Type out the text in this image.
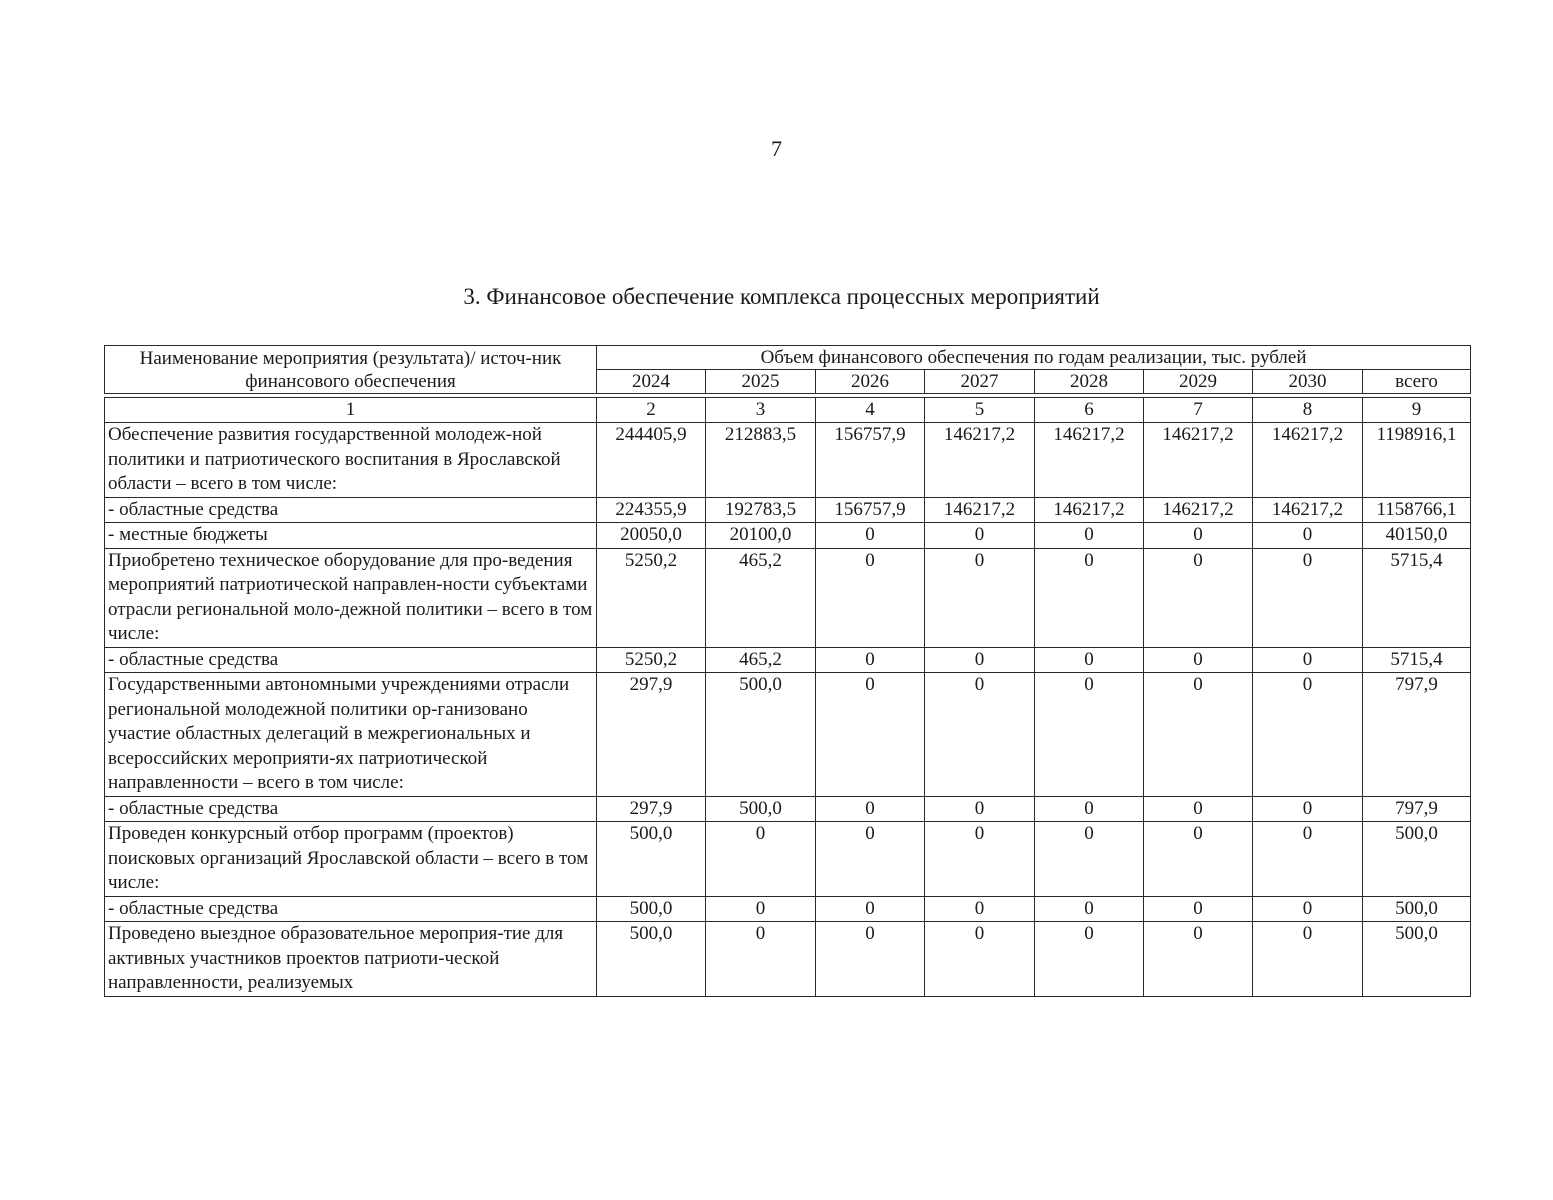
7
3. Финансовое обеспечение комплекса процессных мероприятий
Наименование мероприятия (результата)/ источ-ник финансового обеспечения	Объем финансового обеспечения по годам реализации, тыс. рублей							
	2024	2025	2026	2027	2028	2029	2030	всего

1	2	3	4	5	6	7	8	9
Обеспечение развития государственной молодеж-ной политики и патриотического воспитания в Ярославской области – всего в том числе:	244405,9	212883,5	156757,9	146217,2	146217,2	146217,2	146217,2	1198916,1
- областные средства	224355,9	192783,5	156757,9	146217,2	146217,2	146217,2	146217,2	1158766,1
- местные бюджеты	20050,0	20100,0	0	0	0	0	0	40150,0
Приобретено техническое оборудование для про-ведения мероприятий патриотической направлен-ности субъектами отрасли региональной моло-дежной политики – всего в том числе:	5250,2	465,2	0	0	0	0	0	5715,4
- областные средства	5250,2	465,2	0	0	0	0	0	5715,4
Государственными автономными учреждениями отрасли региональной молодежной политики ор-ганизовано участие областных делегаций в межрегиональных и всероссийских мероприяти-ях патриотической направленности – всего в том числе:	297,9	500,0	0	0	0	0	0	797,9
- областные средства	297,9	500,0	0	0	0	0	0	797,9
Проведен конкурсный отбор программ (проектов) поисковых организаций Ярославской области – всего в том числе:	500,0	0	0	0	0	0	0	500,0
- областные средства	500,0	0	0	0	0	0	0	500,0
Проведено выездное образовательное мероприя-тие для активных участников проектов патриоти-ческой направленности, реализуемых	500,0	0	0	0	0	0	0	500,0
